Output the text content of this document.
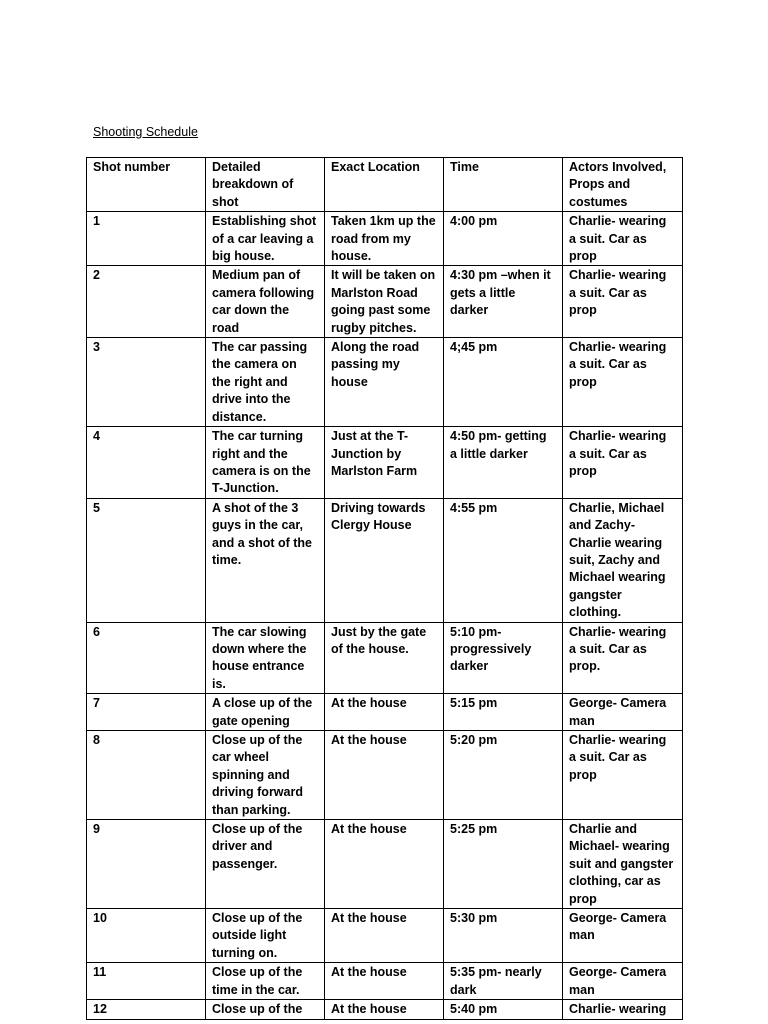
Shooting Schedule
Shot number	Detailed breakdown of shot	Exact Location	Time	Actors Involved, Props and costumes
1	Establishing shot of a car leaving a big house.	Taken 1km up the road from my house.	4:00 pm	Charlie- wearing a suit. Car as prop
2	Medium pan of camera following car down the road	It will be taken on Marlston Road going past some rugby pitches.	4:30 pm –when it gets a little darker	Charlie- wearing a suit. Car as prop
3	The car passing the camera on the right and drive into the distance.	Along the road passing my house	4;45 pm	Charlie- wearing a suit. Car as prop
4	The car turning right and the camera is on the T-Junction.	Just at the T-Junction by Marlston Farm	4:50 pm- getting a little darker	Charlie- wearing a suit. Car as prop
5	A shot of the 3 guys in the car, and a shot of the time.	Driving towards Clergy House	4:55 pm	Charlie, Michael and Zachy- Charlie wearing suit, Zachy and Michael wearing gangster clothing.
6	The car slowing down where the house entrance is.	Just by the gate of the house.	5:10 pm- progressively darker	Charlie- wearing a suit. Car as prop.
7	A close up of the gate opening	At the house	5:15 pm	George- Camera man
8	Close up of the car wheel spinning and driving forward than parking.	At the house	5:20 pm	Charlie- wearing a suit. Car as prop
9	Close up of the driver and passenger.	At the house	5:25 pm	Charlie and Michael- wearing suit and gangster clothing, car as prop
10	Close up of the outside light turning on.	At the house	5:30 pm	George- Camera man
11	Close up of the time in the car.	At the house	5:35 pm- nearly dark	George- Camera man
12	Close up of the	At the house	5:40 pm	Charlie- wearing
